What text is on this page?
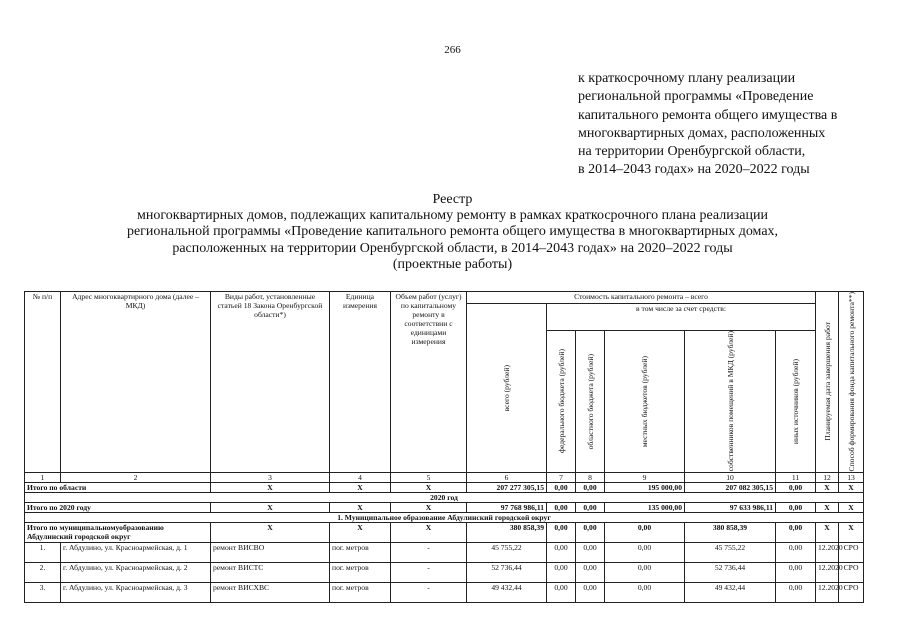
266
к краткосрочному плану реализации
региональной программы «Проведение
капитального ремонта общего имущества в
многоквартирных домах, расположенных
на территории Оренбургской области,
в 2014–2043 годах» на 2020–2022 годы
Реестр
многоквартирных домов, подлежащих капитальному ремонту в рамках краткосрочного плана реализации
региональной программы «Проведение капитального ремонта общего имущества в многоквартирных домах,
расположенных на территории Оренбургской области, в 2014–2043 годах» на 2020–2022 годы
(проектные работы)
№ п/п	Адрес многоквартирного дома (далее – МКД)	Виды работ, установленные статьей 18 Закона Оренбургской области*)	Единица измерения	Объем работ (услуг) по капитальному ремонту в соответствии с единицами измерения	Стоимость капитального ремонта – всего						Планируемая дата завершения работ	Способ формирования фонда капитального ремонта**)

					всего (рублей)	в том числе за счет средств:						

						федерального бюджета (рублей)	областного бюджета (рублей)	местных бюджетов (рублей)	собственников помещений в МКД (рублей)	иных источников (рублей)		

1	2	3	4	5	6	7	8	9	10	11	12	13
Итого по области		Х	Х	Х	207 277 305,15	0,00	0,00	195 000,00	207 082 305,15	0,00	Х	Х
2020 год												
Итого по 2020 году		Х	Х	Х	97 768 986,11	0,00	0,00	135 000,00	97 633 986,11	0,00	Х	Х
1. Муниципальное образование Абдулинский городской округ												
Итого по муниципальномуобразованию Абдулинский городской округ		Х	Х	Х	380 858,39	0,00	0,00	0,00	380 858,39	0,00	Х	Х
1.	г. Абдулино, ул. Красноармейская, д. 1	ремонт ВИСВО	пог. метров	-	45 755,22	0,00	0,00	0,00	45 755,22	0,00	12.2020	СРО
2.	г. Абдулино, ул. Красноармейская, д. 2	ремонт ВИСТС	пог. метров	-	52 736,44	0,00	0,00	0,00	52 736,44	0,00	12.2020	СРО
3.	г. Абдулино, ул. Красноармейская, д. 3	ремонт ВИСХВС	пог. метров	-	49 432,44	0,00	0,00	0,00	49 432,44	0,00	12.2020	СРО
